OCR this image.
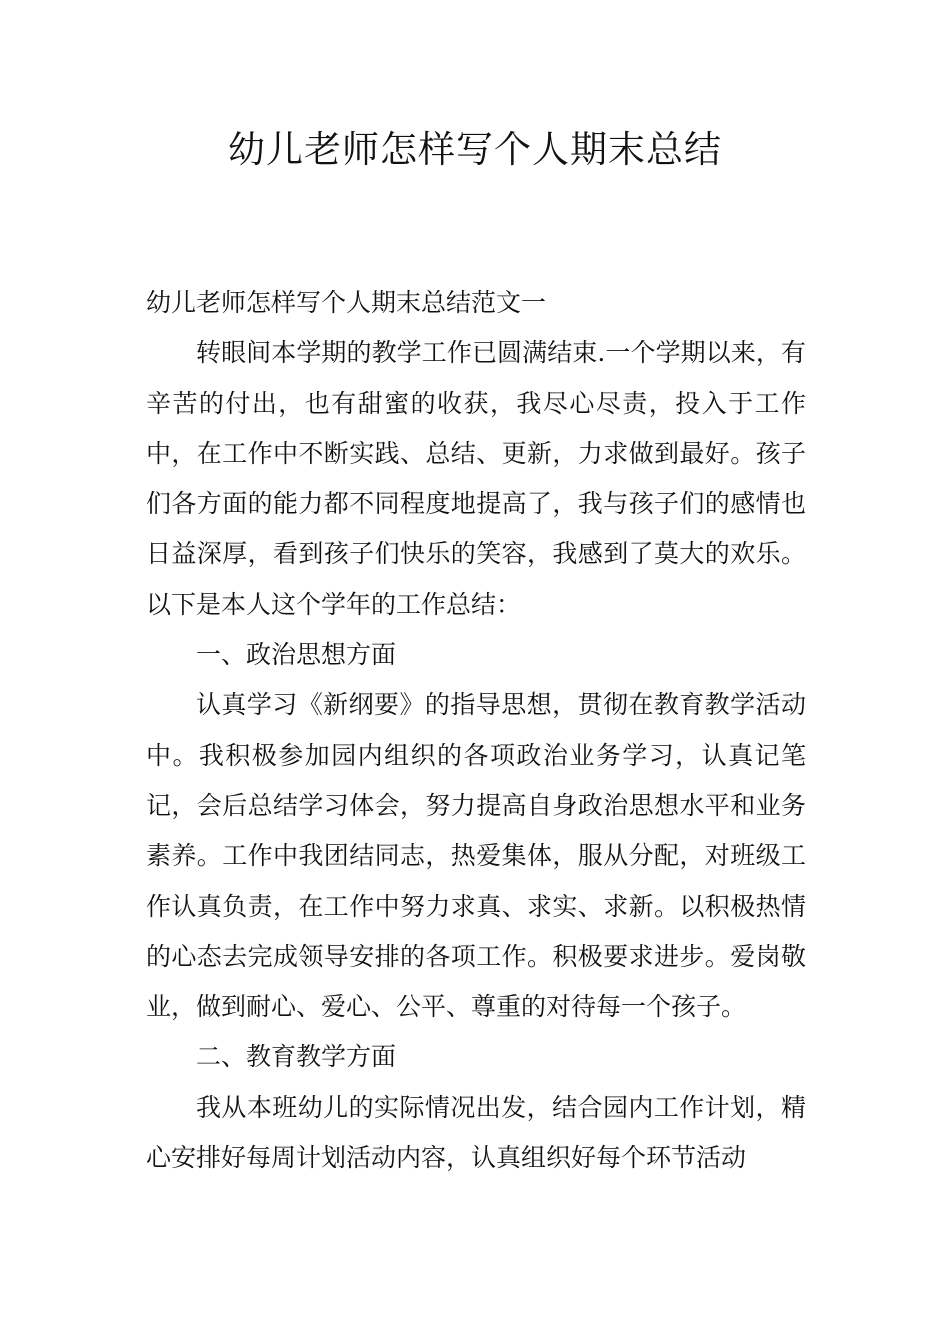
幼儿老师怎样写个人期末总结

幼儿老师怎样写个人期末总结范文一

转眼间本学期的教学工作已圆满结束.一个学期以来，有辛苦的付出，也有甜蜜的收获，我尽心尽责，投入于工作中，在工作中不断实践、总结、更新，力求做到最好。孩子们各方面的能力都不同程度地提高了，我与孩子们的感情也日益深厚，看到孩子们快乐的笑容，我感到了莫大的欢乐。以下是本人这个学年的工作总结：

一、政治思想方面

认真学习《新纲要》的指导思想，贯彻在教育教学活动中。我积极参加园内组织的各项政治业务学习，认真记笔记，会后总结学习体会，努力提高自身政治思想水平和业务素养。工作中我团结同志，热爱集体，服从分配，对班级工作认真负责，在工作中努力求真、求实、求新。以积极热情的心态去完成领导安排的各项工作。积极要求进步。爱岗敬业，做到耐心、爱心、公平、尊重的对待每一个孩子。

二、教育教学方面

我从本班幼儿的实际情况出发，结合园内工作计划，精心安排好每周计划活动内容，认真组织好每个环节活动
